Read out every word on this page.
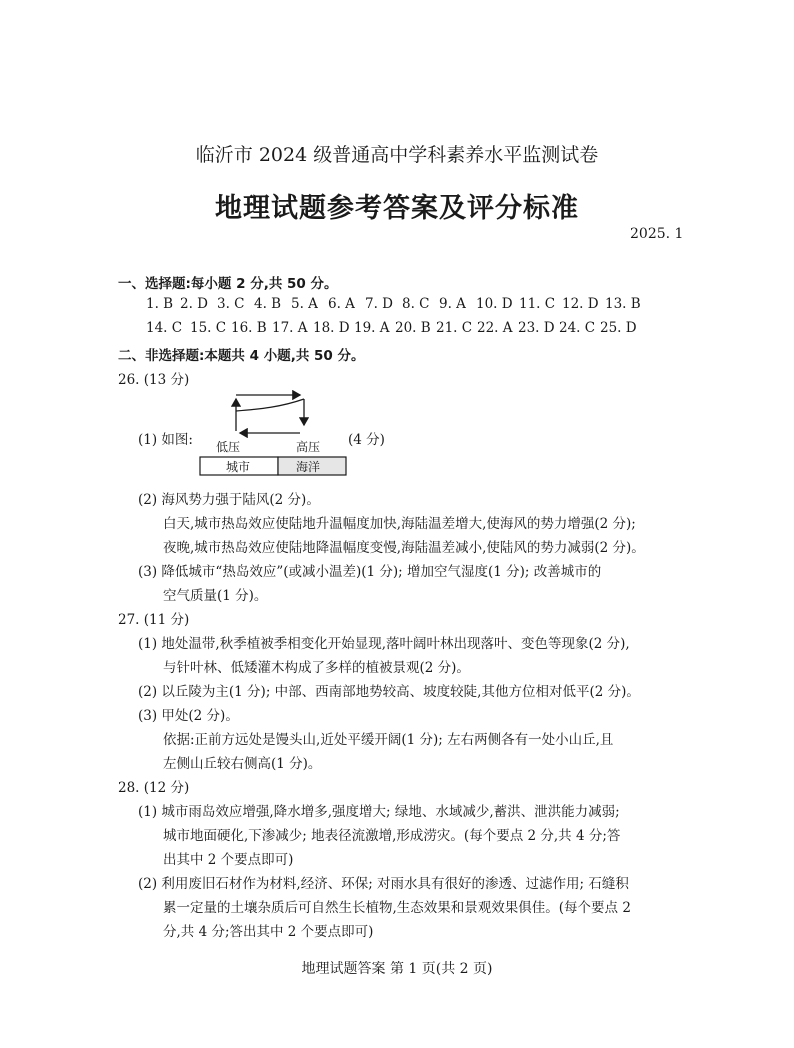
临沂市 2024 级普通高中学科素养水平监测试卷
地理试题参考答案及评分标准
2025. 1
一、选择题:每小题 2 分,共 50 分。
1. B 2. D 3. C 4. B 5. A 6. A 7. D 8. C 9. A 10. D 11. C 12. D 13. B
14. C 15. C 16. B 17. A 18. D 19. A 20. B 21. C 22. A 23. D 24. C 25. D
二、非选择题:本题共 4 小题,共 50 分。
26. (13 分)
(1) 如图: 低压	高压
城市	海洋
(4 分)
(2) 海风势力强于陆风(2 分)。
白天,城市热岛效应使陆地升温幅度加快,海陆温差增大,使海风的势力增强(2 分);
夜晚,城市热岛效应使陆地降温幅度变慢,海陆温差减小,使陆风的势力减弱(2 分)。
(3) 降低城市“热岛效应”(或减小温差)(1 分); 增加空气湿度(1 分); 改善城市的
空气质量(1 分)。
27. (11 分)
(1) 地处温带,秋季植被季相变化开始显现,落叶阔叶林出现落叶、变色等现象(2 分),
与针叶林、低矮灌木构成了多样的植被景观(2 分)。
(2) 以丘陵为主(1 分); 中部、西南部地势较高、坡度较陡,其他方位相对低平(2 分)。
(3) 甲处(2 分)。
依据:正前方远处是馒头山,近处平缓开阔(1 分); 左右两侧各有一处小山丘,且
左侧山丘较右侧高(1 分)。
28. (12 分)
(1) 城市雨岛效应增强,降水增多,强度增大; 绿地、水域减少,蓄洪、泄洪能力减弱;
城市地面硬化,下渗减少; 地表径流激增,形成涝灾。(每个要点 2 分,共 4 分;答
出其中 2 个要点即可)
(2) 利用废旧石材作为材料,经济、环保; 对雨水具有很好的渗透、过滤作用; 石缝积
累一定量的土壤杂质后可自然生长植物,生态效果和景观效果俱佳。(每个要点 2
分,共 4 分;答出其中 2 个要点即可)
地理试题答案 第 1 页(共 2 页)
